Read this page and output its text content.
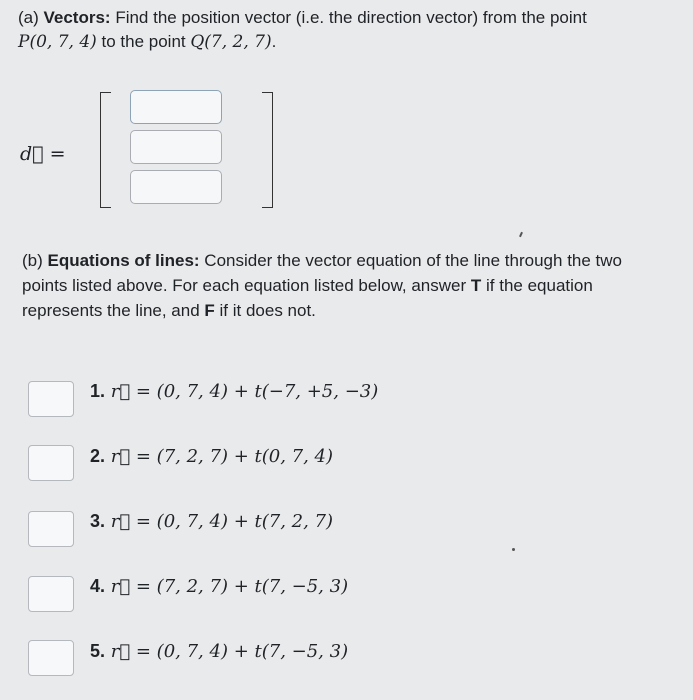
(a) Vectors: Find the position vector (i.e. the direction vector) from the point
P(0, 7, 4) to the point Q(7, 2, 7).
d⃗ =
(b) Equations of lines: Consider the vector equation of the line through the two points listed above. For each equation listed below, answer T if the equation represents the line, and F if it does not.
1. r⃗ = (0, 7, 4) + t(−7, +5, −3)
2. r⃗ = (7, 2, 7) + t(0, 7, 4)
3. r⃗ = (0, 7, 4) + t(7, 2, 7)
4. r⃗ = (7, 2, 7) + t(7, −5, 3)
5. r⃗ = (0, 7, 4) + t(7, −5, 3)
